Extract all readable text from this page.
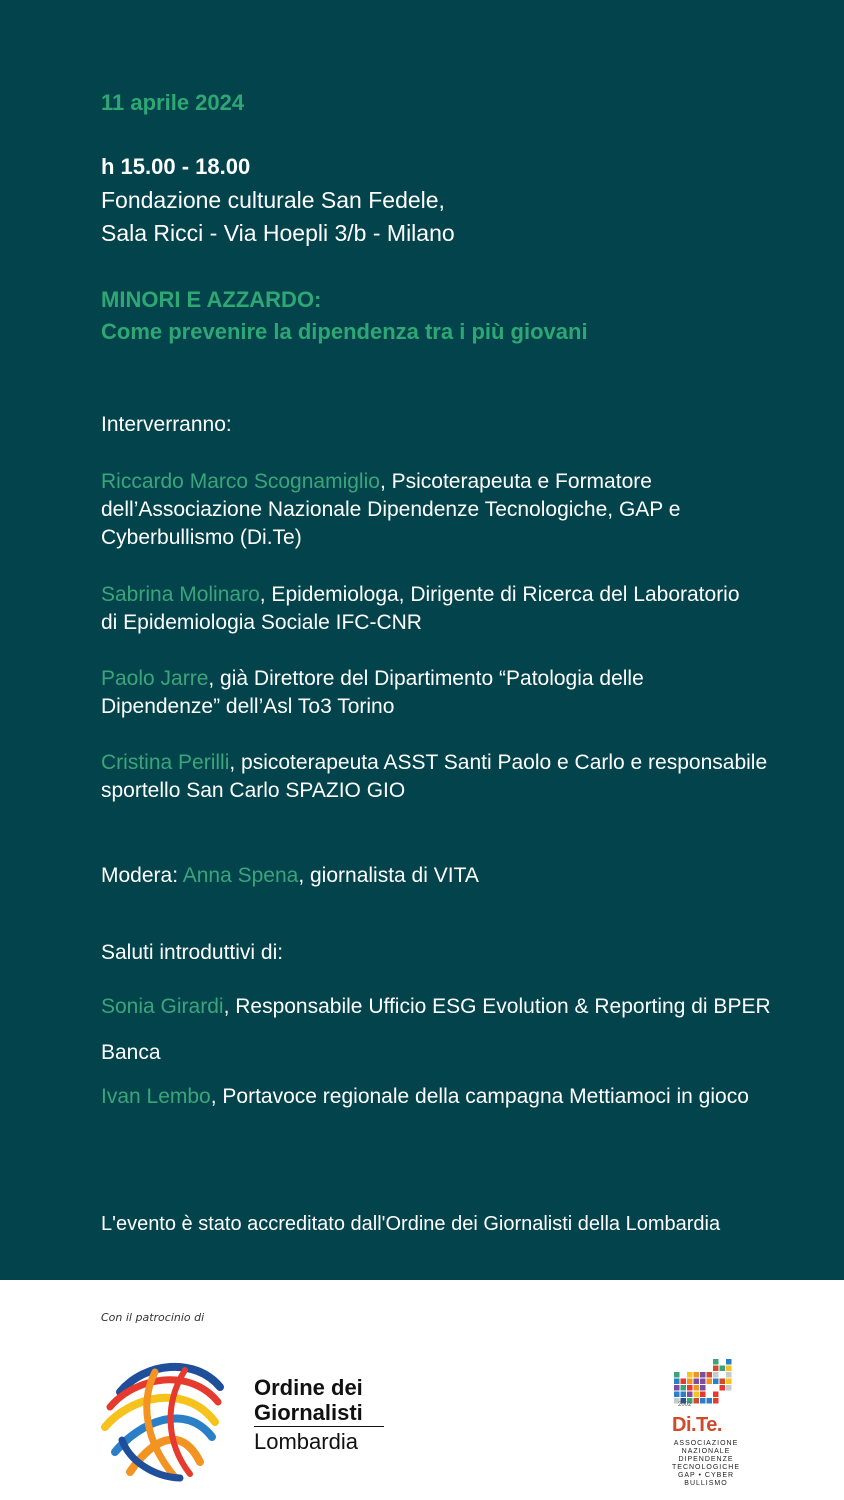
11 aprile 2024
h 15.00 - 18.00
Fondazione culturale San Fedele,
Sala Ricci - Via Hoepli 3/b - Milano
MINORI E AZZARDO:
Come prevenire la dipendenza tra i più giovani
Interverranno:
Riccardo Marco Scognamiglio, Psicoterapeuta e Formatore
dell’Associazione Nazionale Dipendenze Tecnologiche, GAP e
Cyberbullismo (Di.Te)
Sabrina Molinaro, Epidemiologa, Dirigente di Ricerca del Laboratorio
di Epidemiologia Sociale IFC-CNR
Paolo Jarre, già Direttore del Dipartimento “Patologia delle
Dipendenze” dell’Asl To3 Torino
Cristina Perilli, psicoterapeuta ASST Santi Paolo e Carlo e responsabile
sportello San Carlo SPAZIO GIO
Modera: Anna Spena, giornalista di VITA
Saluti introduttivi di:
Sonia Girardi, Responsabile Ufficio ESG Evolution & Reporting di BPER
Banca
Ivan Lembo, Portavoce regionale della campagna Mettiamoci in gioco
L'evento è stato accreditato dall'Ordine dei Giornalisti della Lombardia
Con il patrocinio di
Ordine dei
Giornalisti
Lombardia
2002
Di.Te.
ASSOCIAZIONE
NAZIONALE
DIPENDENZE
TECNOLOGICHE
GAP • CYBER
BULLISMO
